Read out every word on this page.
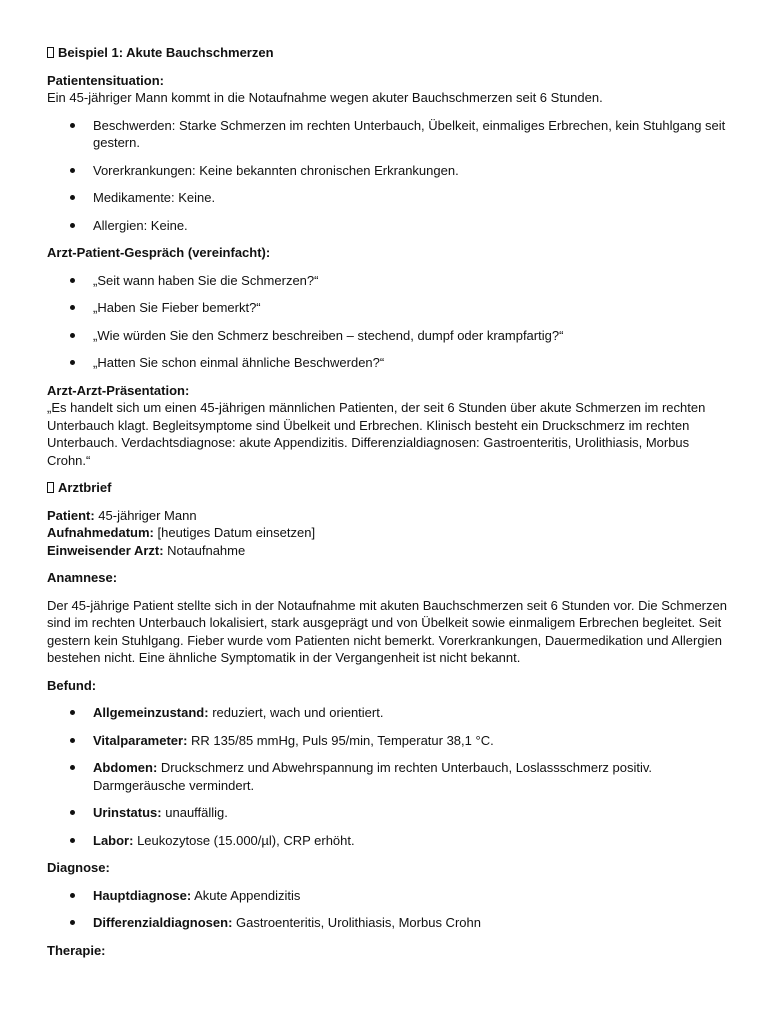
Beispiel 1: Akute Bauchschmerzen
Patientensituation:

Ein 45-jähriger Mann kommt in die Notaufnahme wegen akuter Bauchschmerzen seit 6 Stunden.

Beschwerden: Starke Schmerzen im rechten Unterbauch, Übelkeit, einmaliges Erbrechen, kein Stuhlgang seit gestern.
Vorerkrankungen: Keine bekannten chronischen Erkrankungen.
Medikamente: Keine.
Allergien: Keine.
Arzt-Patient-Gespräch (vereinfacht):
„Seit wann haben Sie die Schmerzen?“
„Haben Sie Fieber bemerkt?“
„Wie würden Sie den Schmerz beschreiben – stechend, dumpf oder krampfartig?“
„Hatten Sie schon einmal ähnliche Beschwerden?“
Arzt-Arzt-Präsentation:

„Es handelt sich um einen 45-jährigen männlichen Patienten, der seit 6 Stunden über akute Schmerzen im rechten Unterbauch klagt. Begleitsymptome sind Übelkeit und Erbrechen. Klinisch besteht ein Druckschmerz im rechten Unterbauch. Verdachtsdiagnose: akute Appendizitis. Differenzialdiagnosen: Gastroenteritis, Urolithiasis, Morbus Crohn.“

Arztbrief
Patient: 45-jähriger Mann
Aufnahmedatum: [heutiges Datum einsetzen]
Einweisender Arzt: Notaufnahme
Anamnese:

Der 45-jährige Patient stellte sich in der Notaufnahme mit akuten Bauchschmerzen seit 6 Stunden vor. Die Schmerzen sind im rechten Unterbauch lokalisiert, stark ausgeprägt und von Übelkeit sowie einmaligem Erbrechen begleitet. Seit gestern kein Stuhlgang. Fieber wurde vom Patienten nicht bemerkt. Vorerkrankungen, Dauermedikation und Allergien bestehen nicht. Eine ähnliche Symptomatik in der Vergangenheit ist nicht bekannt.

Befund:
Allgemeinzustand: reduziert, wach und orientiert.
Vitalparameter: RR 135/85 mmHg, Puls 95/min, Temperatur 38,1 °C.
Abdomen: Druckschmerz und Abwehrspannung im rechten Unterbauch, Loslassschmerz positiv. Darmgeräusche vermindert.
Urinstatus: unauffällig.
Labor: Leukozytose (15.000/µl), CRP erhöht.
Diagnose:
Hauptdiagnose: Akute Appendizitis
Differenzialdiagnosen: Gastroenteritis, Urolithiasis, Morbus Crohn
Therapie:
